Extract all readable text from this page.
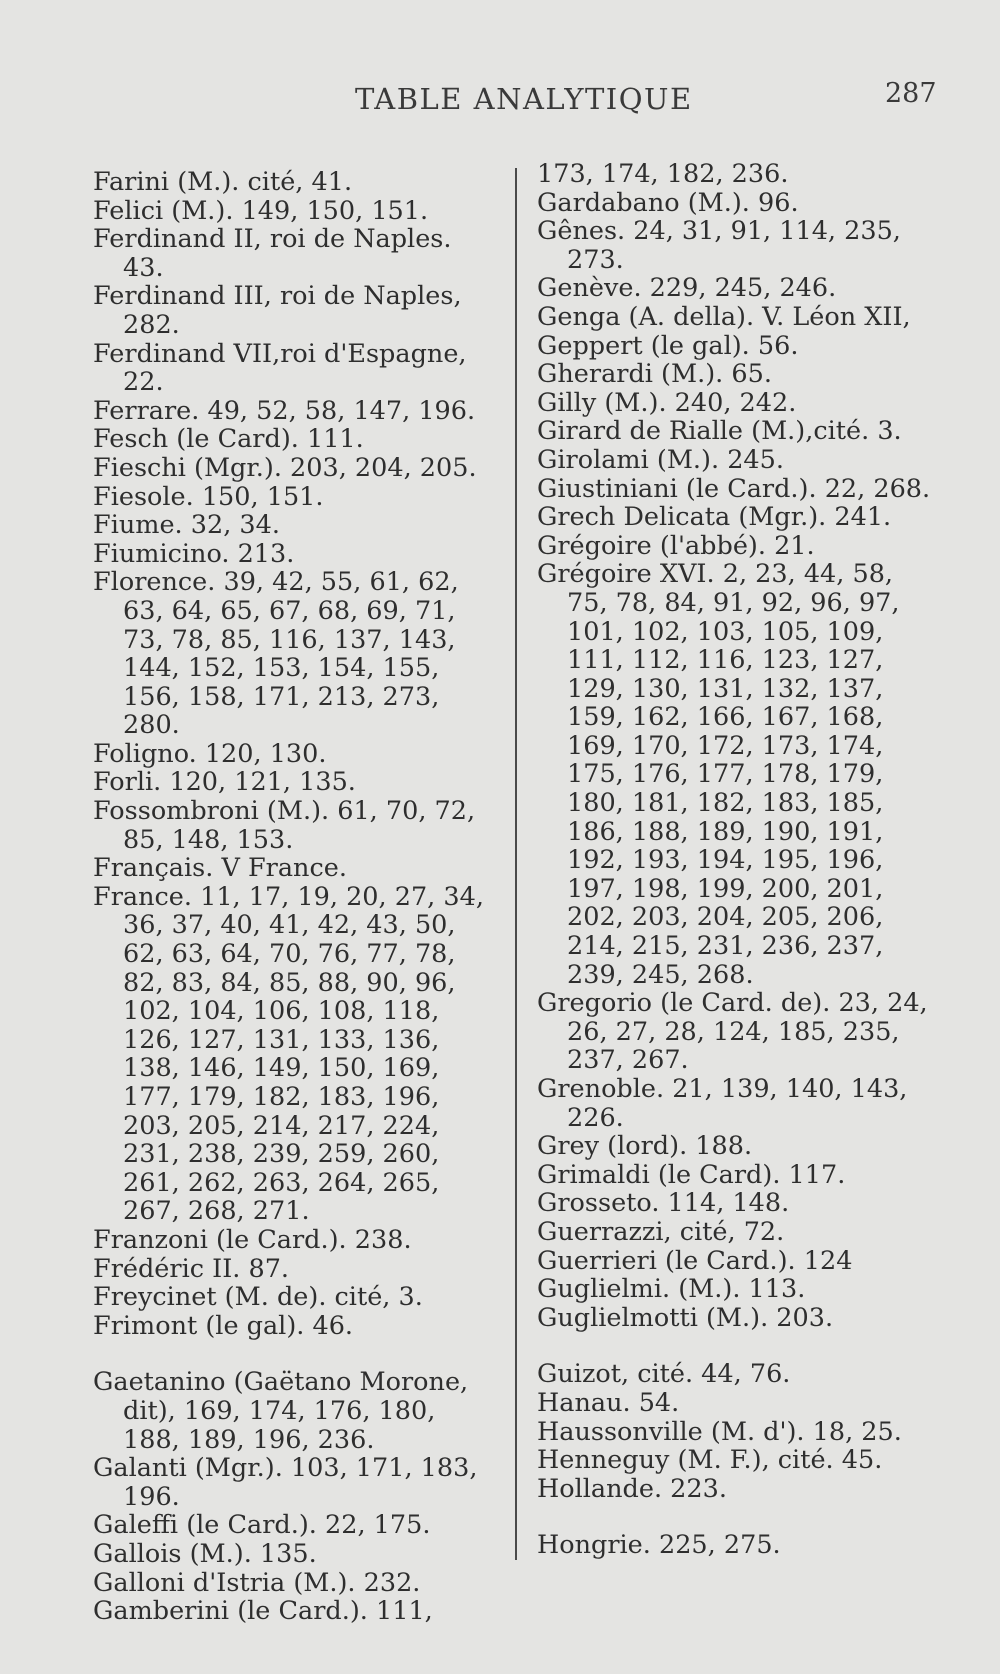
TABLE ANALYTIQUE	287

Farini (M.). cité, 41.

Felici (M.). 149, 150, 151.

Ferdinand II, roi de Naples. 43.

Ferdinand III, roi de Naples, 282.

Ferdinand VII,roi d'Espagne, 22.

Ferrare. 49, 52, 58, 147, 196.

Fesch (le Card). 111.

Fieschi (Mgr.). 203, 204, 205.

Fiesole. 150, 151.

Fiume. 32, 34.

Fiumicino. 213.

Florence. 39, 42, 55, 61, 62, 63, 64, 65, 67, 68, 69, 71, 73, 78, 85, 116, 137, 143, 144, 152, 153, 154, 155, 156, 158, 171, 213, 273, 280.

Foligno. 120, 130.

Forli. 120, 121, 135.

Fossombroni (M.). 61, 70, 72, 85, 148, 153.

Français. V France.

France. 11, 17, 19, 20, 27, 34, 36, 37, 40, 41, 42, 43, 50, 62, 63, 64, 70, 76, 77, 78, 82, 83, 84, 85, 88, 90, 96, 102, 104, 106, 108, 118, 126, 127, 131, 133, 136, 138, 146, 149, 150, 169, 177, 179, 182, 183, 196, 203, 205, 214, 217, 224, 231, 238, 239, 259, 260, 261, 262, 263, 264, 265, 267, 268, 271.

Franzoni (le Card.). 238.

Frédéric II. 87.

Freycinet (M. de). cité, 3.

Frimont (le gal). 46.

Gaetanino (Gaëtano Morone, dit), 169, 174, 176, 180, 188, 189, 196, 236.

Galanti (Mgr.). 103, 171, 183, 196.

Galeffi (le Card.). 22, 175.

Gallois (M.). 135.

Galloni d'Istria (M.). 232.

Gamberini (le Card.). 111,

173, 174, 182, 236.

Gardabano (M.). 96.

Gênes. 24, 31, 91, 114, 235, 273.

Genève. 229, 245, 246.

Genga (A. della). V. Léon XII,

Geppert (le gal). 56.

Gherardi (M.). 65.

Gilly (M.). 240, 242.

Girard de Rialle (M.),cité. 3.

Girolami (M.). 245.

Giustiniani (le Card.). 22, 268.

Grech Delicata (Mgr.). 241.

Grégoire (l'abbé). 21.

Grégoire XVI. 2, 23, 44, 58, 75, 78, 84, 91, 92, 96, 97, 101, 102, 103, 105, 109, 111, 112, 116, 123, 127, 129, 130, 131, 132, 137, 159, 162, 166, 167, 168, 169, 170, 172, 173, 174, 175, 176, 177, 178, 179, 180, 181, 182, 183, 185, 186, 188, 189, 190, 191, 192, 193, 194, 195, 196, 197, 198, 199, 200, 201, 202, 203, 204, 205, 206, 214, 215, 231, 236, 237, 239, 245, 268.

Gregorio (le Card. de). 23, 24, 26, 27, 28, 124, 185, 235, 237, 267.

Grenoble. 21, 139, 140, 143, 226.

Grey (lord). 188.

Grimaldi (le Card). 117.

Grosseto. 114, 148.

Guerrazzi, cité, 72.

Guerrieri (le Card.). 124

Guglielmi. (M.). 113.

Guglielmotti (M.). 203.

Guizot, cité. 44, 76.

Hanau. 54.

Haussonville (M. d'). 18, 25.

Henneguy (M. F.), cité. 45.

Hollande. 223.

Hongrie. 225, 275.
